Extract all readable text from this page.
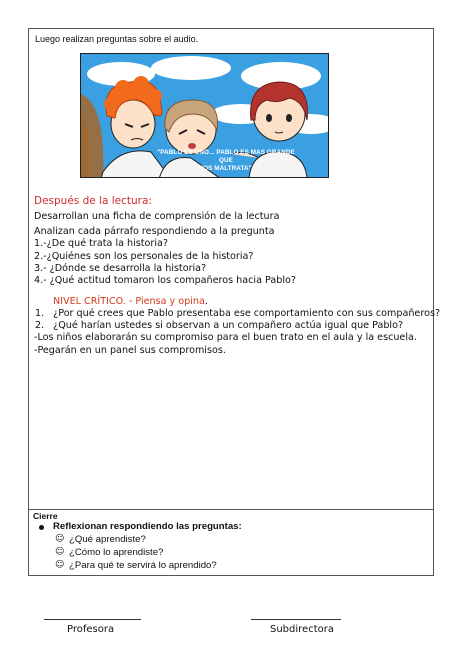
Luego realizan preguntas sobre el audio.
"PABLO ES UNO... PABLO ES MAS GRANDE QUE
NOS MALTRATA".
Después de la lectura:
Desarrollan una ficha de comprensión de la lectura
Analizan cada párrafo respondiendo a la pregunta
1.-¿De qué trata la historia?
2.-¿Quiénes son los personales de la historia?
3.- ¿Dónde se desarrolla la historia?
4.- ¿Qué actitud tomaron los compañeros hacia Pablo?
NIVEL CRÍTICO. - Piensa y opina.
1. ¿Por qué crees que Pablo presentaba ese comportamiento con sus compañeros?
2. ¿Qué harían ustedes si observan a un compañero actúa igual que Pablo?
-Los niños elaborarán su compromiso para el buen trato en el aula y la escuela.
-Pegarán en un panel sus compromisos.
Cierre
Reflexionan respondiendo las preguntas:
☺ ¿Qué aprendiste?
☺ ¿Cómo lo aprendiste?
☺ ¿Para qué te servirá lo aprendido?
Profesora	Subdirectora
